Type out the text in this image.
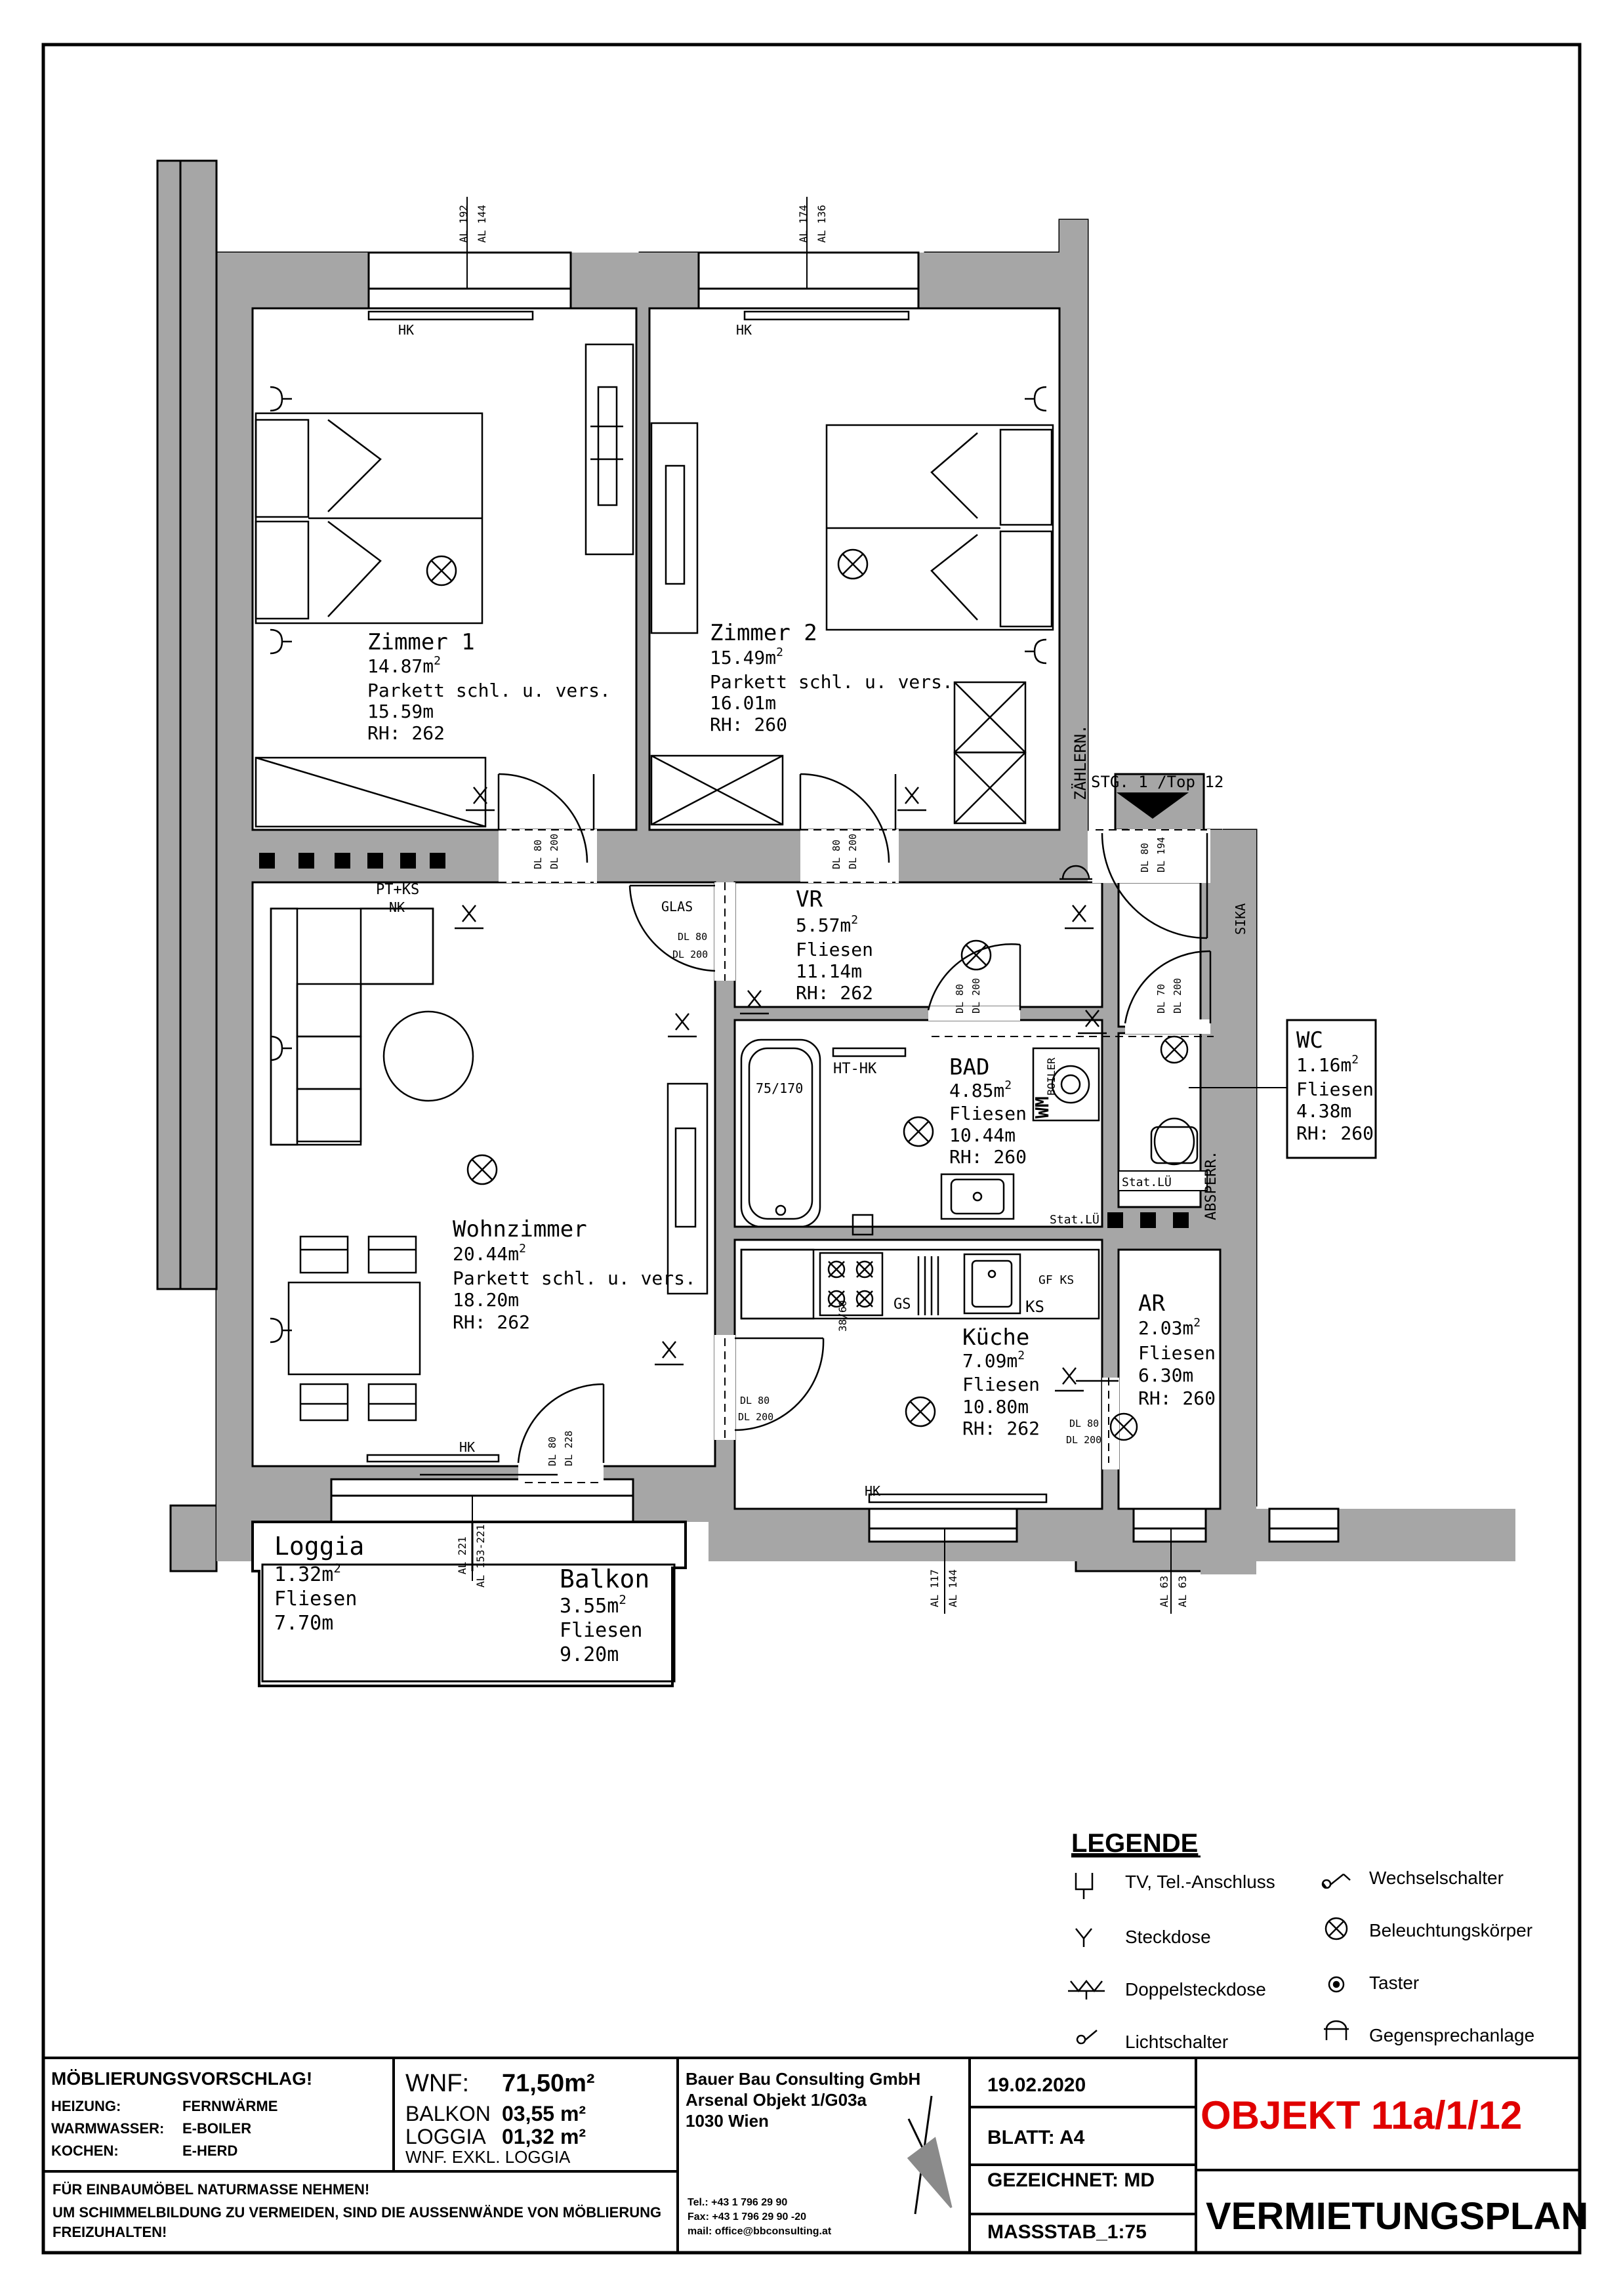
Zimmer 1
$14.87m^2$
Parkett schl. u. vers.
15.59m
RH: 262
Zimmer 2
$15.49m^2$
Parkett schl. u. vers.
16.01m
RH: 260
VR
$5.57m^2$
Fliesen
11.14m
RH: 262
BAD
$4.85m^2$
Fliesen
10.44m
RH: 260
WC
$1.16m^2$
Fliesen
4.38m
RH: 260
Wohnzimmer
$20.44m^2$
Parkett schl. u. vers.
18.20m
RH: 262
Küche
$7.09m^2$
Fliesen
10.80m
RH: 262
AR
$2.03m^2$
Fliesen
6.30m
RH: 260
Loggia
$1.32m^2$
Fliesen
7.70m
Balkon
$3.55m^2$
Fliesen
9.20m
HK	HK
HK
HK
HT-HK
GLAS
PT+KS
NK
STG. 1 /Top 12
Stat.LÜ
Stat.LÜ
75/170
GS	KS
GF KS
WM
BOILER
38/60
ZÄHLERN.
SIKA
ABSPERR.
AL 192 AL 144	AL 174 AL 136
AL 221 AL 153-221
AL 117 AL 144	AL 63 AL 63
DL 80 DL 200	DL 80 DL 200	DL 80 DL 194
DL 80
DL 200
DL 80 DL 200	DL 70 DL 200
DL 80
DL 200
DL 80
DL 200
DL 80 DL 228
LEGENDE
TV, Tel.-Anschluss
Steckdose
Doppelsteckdose
Lichtschalter
Wechselschalter
Beleuchtungskörper
Taster
Gegensprechanlage
MÖBLIERUNGSVORSCHLAG!
HEIZUNG:	FERNWÄRME
WARMWASSER: E-BOILER
KOCHEN:	E-HERD
FÜR EINBAUMÖBEL NATURMASSE NEHMEN!
UM SCHIMMELBILDUNG ZU VERMEIDEN, SIND DIE AUSSENWÄNDE VON MÖBLIERUNG
FREIZUHALTEN!
WNF: 71,50m²
BALKON 03,55 m²
LOGGIA 01,32 m²
WNF. EXKL. LOGGIA
Bauer Bau Consulting GmbH
Arsenal Objekt 1/G03a
1030 Wien
Tel.: +43 1 796 29 90
Fax: +43 1 796 29 90 -20
mail: office@bbconsulting.at
19.02.2020
BLATT: A4
GEZEICHNET: MD
MASSSTAB_1:75
OBJEKT 11a/1/12
VERMIETUNGSPLAN
